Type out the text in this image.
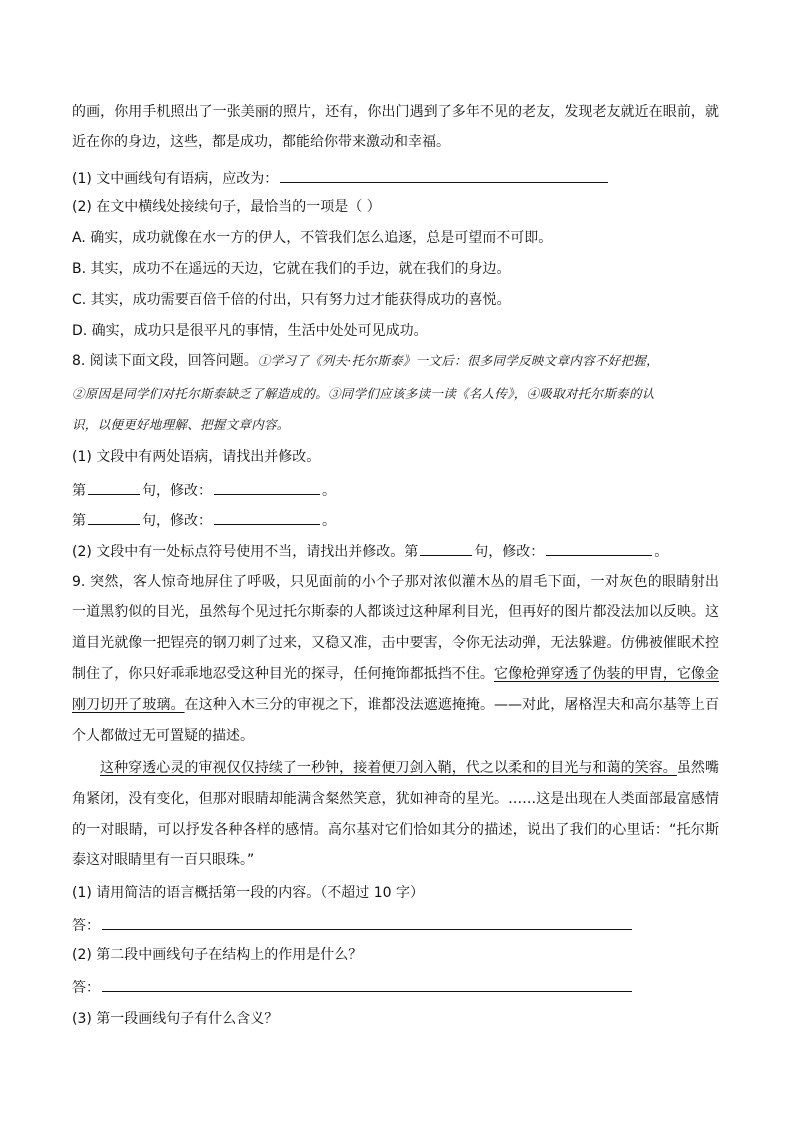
的画，你用手机照出了一张美丽的照片，还有，你出门遇到了多年不见的老友，发现老友就近在眼前，就
近在你的身边，这些，都是成功，都能给你带来激动和幸福。
(1) 文中画线句有语病，应改为：
(2) 在文中横线处接续句子，最恰当的一项是（ ）
A. 确实，成功就像在水一方的伊人，不管我们怎么追逐，总是可望而不可即。
B. 其实，成功不在遥远的天边，它就在我们的手边，就在我们的身边。
C. 其实，成功需要百倍千倍的付出，只有努力过才能获得成功的喜悦。
D. 确实，成功只是很平凡的事情，生活中处处可见成功。
8. 阅读下面文段，回答问题。①学习了《列夫·托尔斯泰》一文后：很多同学反映文章内容不好把握，
②原因是同学们对托尔斯泰缺乏了解造成的。③同学们应该多读一读《名人传》，④吸取对托尔斯泰的认
识，以便更好地理解、把握文章内容。
(1) 文段中有两处语病，请找出并修改。
第	句，修改：	。
第	句，修改：	。
(2) 文段中有一处标点符号使用不当，请找出并修改。第	句，修改：	。
9. 突然，客人惊奇地屏住了呼吸，只见面前的小个子那对浓似灌木丛的眉毛下面，一对灰色的眼睛射出
一道黑豹似的目光，虽然每个见过托尔斯泰的人都谈过这种犀利目光，但再好的图片都没法加以反映。这
道目光就像一把锃亮的钢刀刺了过来，又稳又准，击中要害，令你无法动弹，无法躲避。仿佛被催眠术控
制住了，你只好乖乖地忍受这种目光的探寻，任何掩饰都抵挡不住。它像枪弹穿透了伪装的甲胄，它像金
刚刀切开了玻璃。在这种入木三分的审视之下，谁都没法遮遮掩掩。——对此，屠格涅夫和高尔基等上百
个人都做过无可置疑的描述。
这种穿透心灵的审视仅仅持续了一秒钟，接着便刀剑入鞘，代之以柔和的目光与和蔼的笑容。虽然嘴
角紧闭，没有变化，但那对眼睛却能满含粲然笑意，犹如神奇的星光。……这是出现在人类面部最富感情
的一对眼睛，可以抒发各种各样的感情。高尔基对它们恰如其分的描述，说出了我们的心里话：“托尔斯
泰这对眼睛里有一百只眼珠。”
(1) 请用简洁的语言概括第一段的内容。（不超过 10 字）
答：
(2) 第二段中画线句子在结构上的作用是什么？
答：
(3) 第一段画线句子有什么含义？
